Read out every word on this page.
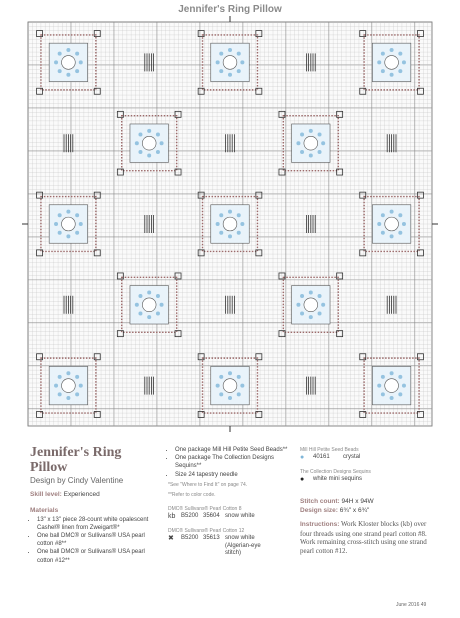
Jennifer's Ring Pillow
Jennifer's Ring Pillow
Design by Cindy Valentine
Skill level: Experienced
Materials
• 13" x 13" piece 28-count white opalescent Cashel® linen from Zweigart®*
• One ball DMC® or Sullivans® USA pearl cotton #8**
• One ball DMC® or Sullivans® USA pearl cotton #12**
• One package Mill Hill Petite Seed Beads**
• One package The Collection Designs Sequins**
• Size 24 tapestry needle
*See "Where to Find It" on page 74.
**Refer to color code.
DMC® Sullivans® Pearl Cotton 8
kb B5200 35604 snow white
DMC® Sullivans® Pearl Cotton 12
✖	B5200 35613 snow white
(Algerian-eye stitch)
Mill Hill Petite Seed Beads
●	40161	crystal
The Collection Designs Sequins
●	white mini sequins
Stitch count: 94H x 94W
Design size: 6¾" x 6¾"
Instructions: Work Kloster blocks (kb) over four threads using one strand pearl cotton #8. Work remaining cross-stitch using one strand pearl cotton #12.
June 2016 49
